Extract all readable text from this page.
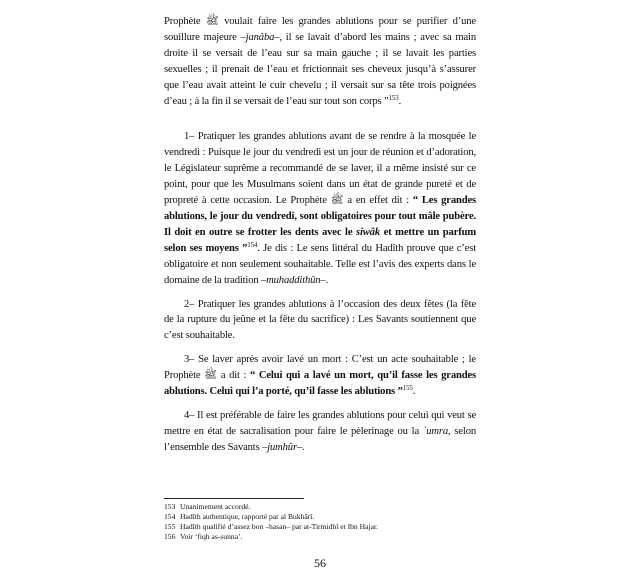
Prophète ﷺ voulait faire les grandes ablutions pour se purifier d’une souillure majeure –janâba–, il se lavait d’abord les mains ; avec sa main droite il se versait de l’eau sur sa main gauche ; il se lavait les parties sexuelles ; il prenait de l’eau et frictionnait ses cheveux jusqu’à s’assurer que l’eau avait atteint le cuir chevelu ; il versait sur sa tête trois poignées d’eau ; à la fin il se versait de l’eau sur tout son corps ”$^{153}$.

1– Pratiquer les grandes ablutions avant de se rendre à la mosquée le vendredi : Puisque le jour du vendredi est un jour de réunion et d’adoration, le Législateur suprême a recommandé de se laver, il a même insisté sur ce point, pour que les Musulmans soient dans un état de grande pureté et de propreté à cette occasion. Le Prophète ﷺ a en effet dit : “ Les grandes ablutions, le jour du vendredi, sont obligatoires pour tout mâle pubère. Il doit en outre se frotter les dents avec le siwâk et mettre un parfum selon ses moyens ”$^{154}$. Je dis : Le sens littéral du Hadîth prouve que c’est obligatoire et non seulement souhaitable. Telle est l’avis des experts dans le domaine de la tradition –muhaddithûn–.

2– Pratiquer les grandes ablutions à l’occasion des deux fêtes (la fête de la rupture du jeûne et la fête du sacrifice) : Les Savants soutiennent que c’est souhaitable.

3– Se laver après avoir lavé un mort : C’est un acte souhaitable ; le Prophète ﷺ a dit : “ Celui qui a lavé un mort, qu’il fasse les grandes ablutions. Celui qui l’a porté, qu’il fasse les ablutions ”$^{155}$.

4– Il est préférable de faire les grandes ablutions pour celui qui veut se mettre en état de sacralisation pour faire le pèlerinage ou la `umra, selon l’ensemble des Savants –jumhûr–.

153 Unanimement accordé.
154 Hadîth authentique, rapporté par al Bukhârî.
155 Hadîth qualifié d’assez bon –hasan– par at-Tirmidhî et Ibn Hajar.
156 Voir ‘fiqh as-sunna’.
56
